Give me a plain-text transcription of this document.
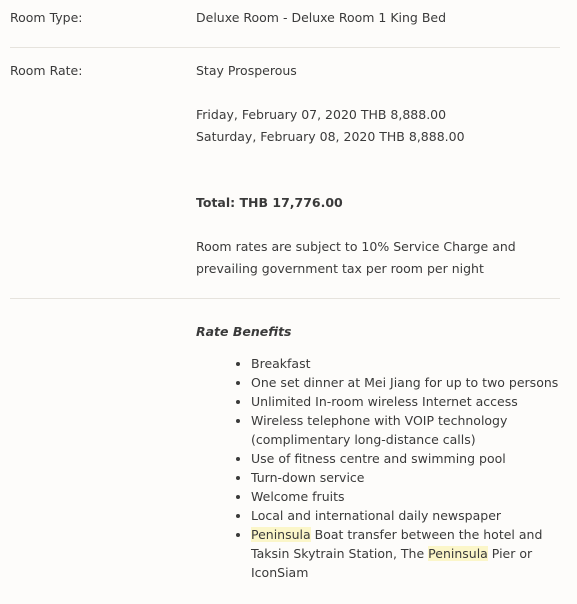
Room Type:	Deluxe Room - Deluxe Room 1 King Bed
Room Rate:	Stay Prosperous
Friday, February 07, 2020 THB 8,888.00
Saturday, February 08, 2020 THB 8,888.00
Total: THB 17,776.00
Room rates are subject to 10% Service Charge and prevailing government tax per room per night
Rate Benefits
• Breakfast
• One set dinner at Mei Jiang for up to two persons
• Unlimited In-room wireless Internet access
• Wireless telephone with VOIP technology (complimentary long-distance calls)
• Use of fitness centre and swimming pool
• Turn-down service
• Welcome fruits
• Local and international daily newspaper
• Peninsula Boat transfer between the hotel and Taksin Skytrain Station, The Peninsula Pier or IconSiam
